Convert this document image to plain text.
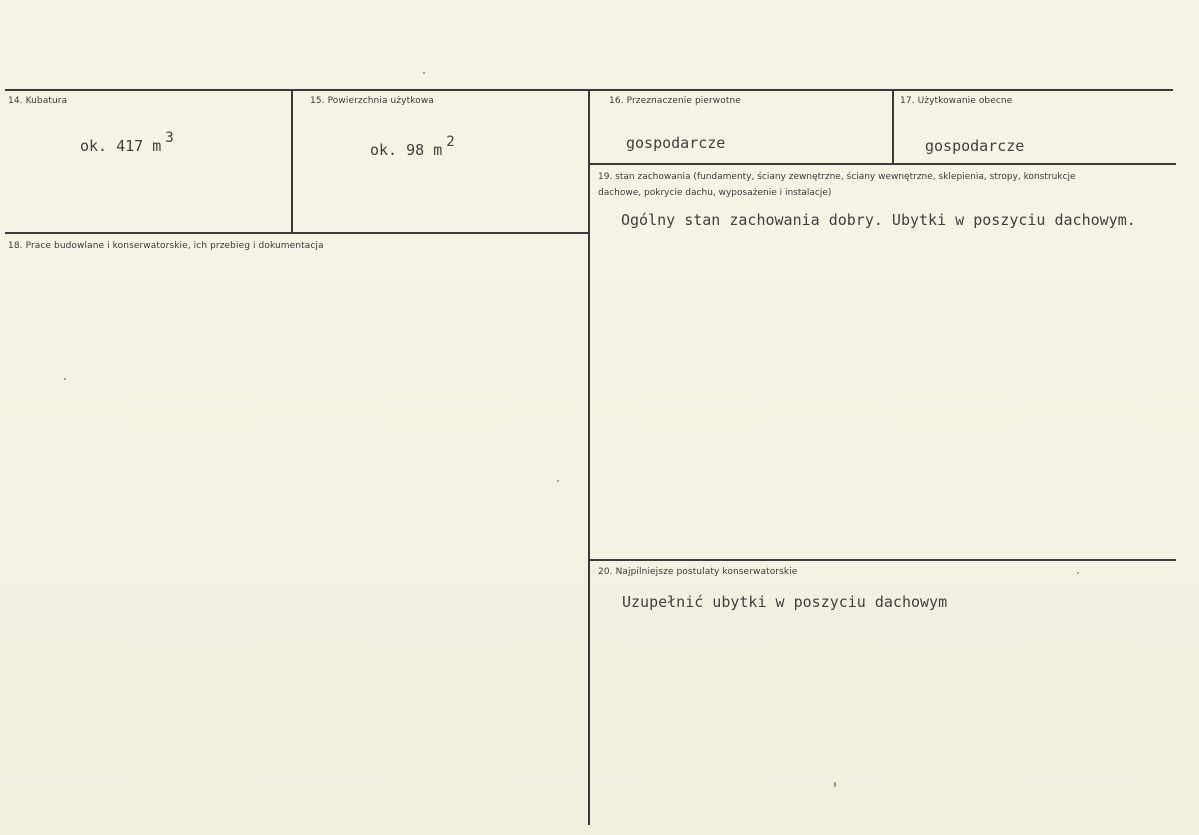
14. Kubatura
ok. 417 m 3
15. Powierzchnia użytkowa
ok. 98 m 2
16. Przeznaczenie pierwotne
gospodarcze
17. Użytkowanie obecne
gospodarcze
18. Prace budowlane i konserwatorskie, ich przebieg i dokumentacja
19. stan zachowania (fundamenty, ściany zewnętrzne, ściany wewnętrzne, sklepienia, stropy, konstrukcje dachowe, pokrycie dachu, wyposażenie i instalacje)
Ogólny stan zachowania dobry. Ubytki w poszyciu dachowym.
20. Najpilniejsze postulaty konserwatorskie
Uzupełnić ubytki w poszyciu dachowym
